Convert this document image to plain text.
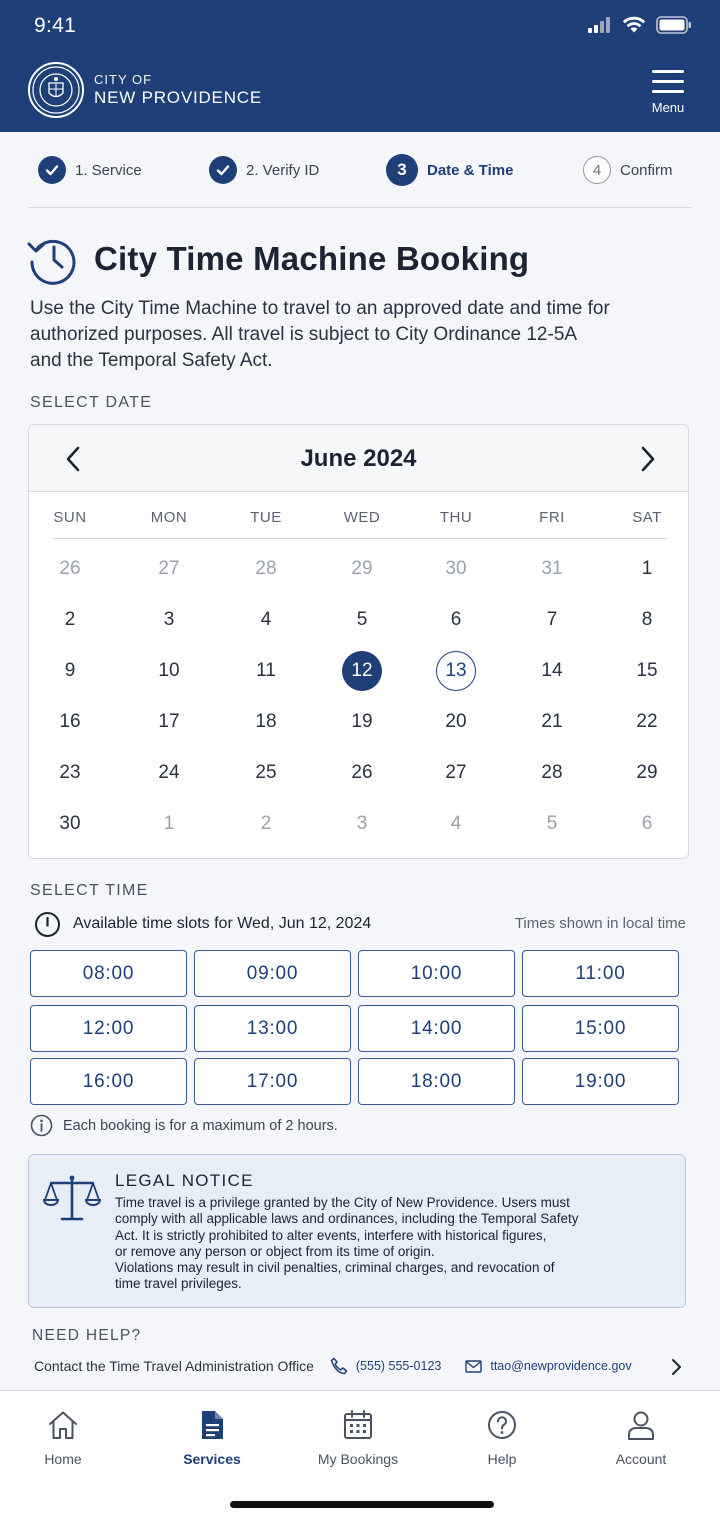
9:41
CITY OF
NEW PROVIDENCE
Menu
1. Service	2. Verify ID	3	Date & Time	4	Confirm
City Time Machine Booking
Use the City Time Machine to travel to an approved date and time for
authorized purposes. All travel is subject to City Ordinance 12-5A
and the Temporal Safety Act.
SELECT DATE
June 2024
SUN	MON	TUE	WED	THU	FRI	SAT
26	27	28	29	30	31	1
2	3	4	5	6	7	8
9	10	11	12	13	14	15
16	17	18	19	20	21	22
23	24	25	26	27	28	29
30	1	2	3	4	5	6
SELECT TIME
Available time slots for Wed, Jun 12, 2024	Times shown in local time
08:00	09:00	10:00	11:00
12:00	13:00	14:00	15:00
16:00	17:00	18:00	19:00
Each booking is for a maximum of 2 hours.
LEGAL NOTICE
Time travel is a privilege granted by the City of New Providence. Users must
comply with all applicable laws and ordinances, including the Temporal Safety
Act. It is strictly prohibited to alter events, interfere with historical figures,
or remove any person or object from its time of origin.
Violations may result in civil penalties, criminal charges, and revocation of
time travel privileges.
NEED HELP?
Contact the Time Travel Administration Office	(555) 555-0123	ttao@newprovidence.gov
Home	Services	My Bookings	Help	Account
